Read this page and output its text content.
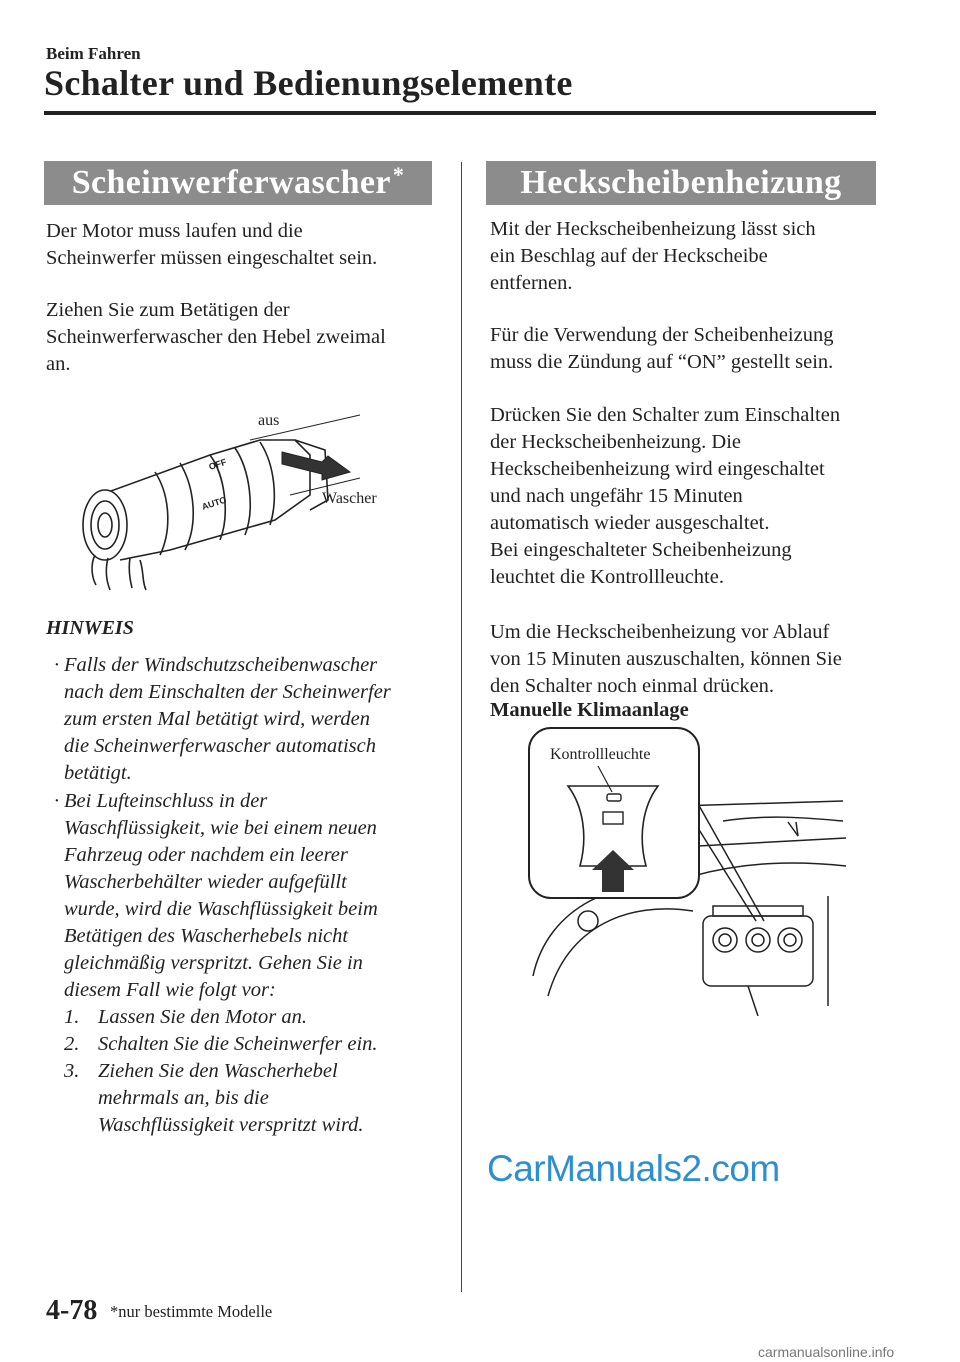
Beim Fahren
Schalter und Bedienungselemente
Scheinwerferwascher*
Der Motor muss laufen und die
Scheinwerfer müssen eingeschaltet sein.
Ziehen Sie zum Betätigen der
Scheinwerferwascher den Hebel zweimal
an.
AUTO
OFF
aus
Wascher
HINWEIS
· Falls der Windschutzscheibenwascher
nach dem Einschalten der Scheinwerfer
zum ersten Mal betätigt wird, werden
die Scheinwerferwascher automatisch
betätigt.
· Bei Lufteinschluss in der
Waschflüssigkeit, wie bei einem neuen
Fahrzeug oder nachdem ein leerer
Wascherbehälter wieder aufgefüllt
wurde, wird die Waschflüssigkeit beim
Betätigen des Wascherhebels nicht
gleichmäßig verspritzt. Gehen Sie in
diesem Fall wie folgt vor:
1. Lassen Sie den Motor an.
2. Schalten Sie die Scheinwerfer ein.
3. Ziehen Sie den Wascherhebel
mehrmals an, bis die
Waschflüssigkeit verspritzt wird.
Heckscheibenheizung
Mit der Heckscheibenheizung lässt sich
ein Beschlag auf der Heckscheibe
entfernen.
Für die Verwendung der Scheibenheizung
muss die Zündung auf “ON” gestellt sein.
Drücken Sie den Schalter zum Einschalten
der Heckscheibenheizung. Die
Heckscheibenheizung wird eingeschaltet
und nach ungefähr 15 Minuten
automatisch wieder ausgeschaltet.
Bei eingeschalteter Scheibenheizung
leuchtet die Kontrollleuchte.
Um die Heckscheibenheizung vor Ablauf
von 15 Minuten auszuschalten, können Sie
den Schalter noch einmal drücken.
Manuelle Klimaanlage
Kontrollleuchte
4-78 *nur bestimmte Modelle
CarManuals2.com
carmanualsonline.info
